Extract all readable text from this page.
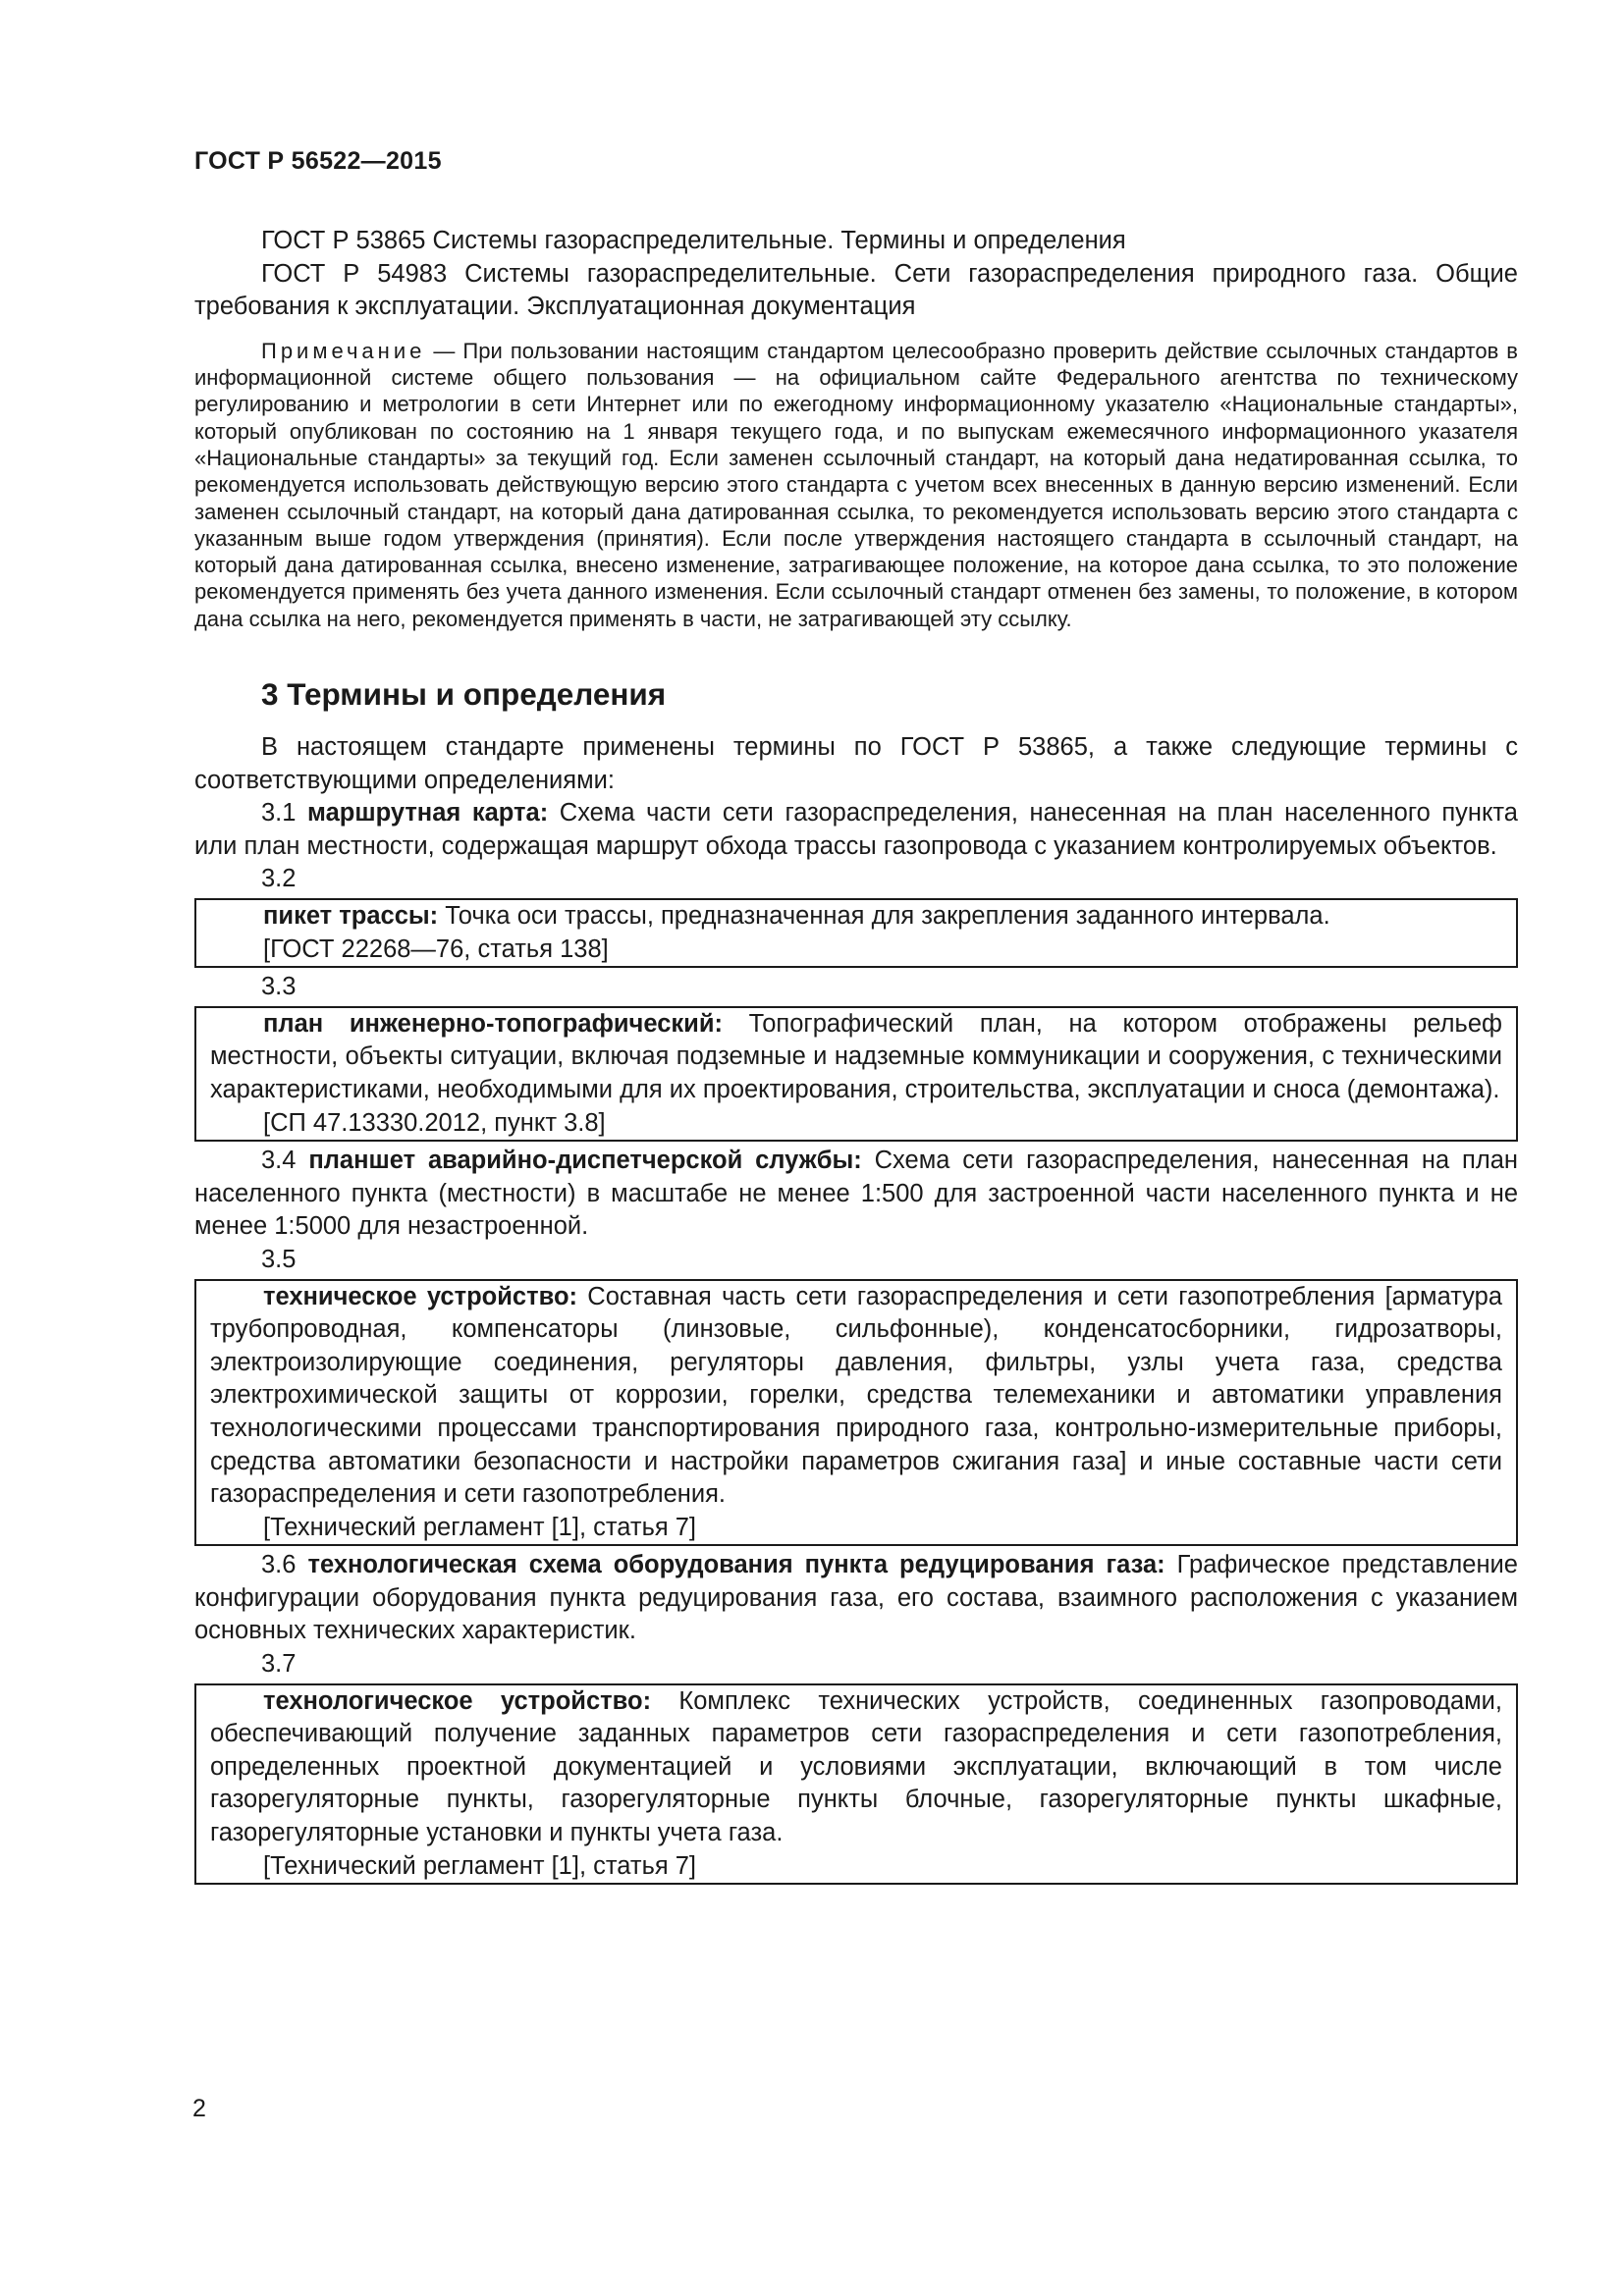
ГОСТ Р 56522—2015

ГОСТ Р 53865 Системы газораспределительные. Термины и определения

ГОСТ Р 54983 Системы газораспределительные. Сети газораспределения природного газа. Общие требования к эксплуатации. Эксплуатационная документация

Примечание — При пользовании настоящим стандартом целесообразно проверить действие ссылочных стандартов в информационной системе общего пользования — на официальном сайте Федерального агентства по техническому регулированию и метрологии в сети Интернет или по ежегодному информационному указателю «Национальные стандарты», который опубликован по состоянию на 1 января текущего года, и по выпускам ежемесячного информационного указателя «Национальные стандарты» за текущий год. Если заменен ссылочный стандарт, на который дана недатированная ссылка, то рекомендуется использовать действующую версию этого стандарта с учетом всех внесенных в данную версию изменений. Если заменен ссылочный стандарт, на который дана датированная ссылка, то рекомендуется использовать версию этого стандарта с указанным выше годом утверждения (принятия). Если после утверждения настоящего стандарта в ссылочный стандарт, на который дана датированная ссылка, внесено изменение, затрагивающее положение, на которое дана ссылка, то это положение рекомендуется применять без учета данного изменения. Если ссылочный стандарт отменен без замены, то положение, в котором дана ссылка на него, рекомендуется применять в части, не затрагивающей эту ссылку.

3 Термины и определения

В настоящем стандарте применены термины по ГОСТ Р 53865, а также следующие термины с соответствующими определениями:

3.1 маршрутная карта: Схема части сети газораспределения, нанесенная на план населенного пункта или план местности, содержащая маршрут обхода трассы газопровода с указанием контролируемых объектов.

3.2

пикет трассы: Точка оси трассы, предназначенная для закрепления заданного интервала.

[ГОСТ 22268—76, статья 138]

3.3

план инженерно-топографический: Топографический план, на котором отображены рельеф местности, объекты ситуации, включая подземные и надземные коммуникации и сооружения, с техническими характеристиками, необходимыми для их проектирования, строительства, эксплуатации и сноса (демонтажа).

[СП 47.13330.2012, пункт 3.8]

3.4 планшет аварийно-диспетчерской службы: Схема сети газораспределения, нанесенная на план населенного пункта (местности) в масштабе не менее 1:500 для застроенной части населенного пункта и не менее 1:5000 для незастроенной.

3.5

техническое устройство: Составная часть сети газораспределения и сети газопотребления [арматура трубопроводная, компенсаторы (линзовые, сильфонные), конденсатосборники, гидрозатворы, электроизолирующие соединения, регуляторы давления, фильтры, узлы учета газа, средства электрохимической защиты от коррозии, горелки, средства телемеханики и автоматики управления технологическими процессами транспортирования природного газа, контрольно-измерительные приборы, средства автоматики безопасности и настройки параметров сжигания газа] и иные составные части сети газораспределения и сети газопотребления.

[Технический регламент [1], статья 7]

3.6 технологическая схема оборудования пункта редуцирования газа: Графическое представление конфигурации оборудования пункта редуцирования газа, его состава, взаимного расположения с указанием основных технических характеристик.

3.7

технологическое устройство: Комплекс технических устройств, соединенных газопроводами, обеспечивающий получение заданных параметров сети газораспределения и сети газопотребления, определенных проектной документацией и условиями эксплуатации, включающий в том числе газорегуляторные пункты, газорегуляторные пункты блочные, газорегуляторные пункты шкафные, газорегуляторные установки и пункты учета газа.

[Технический регламент [1], статья 7]

2
